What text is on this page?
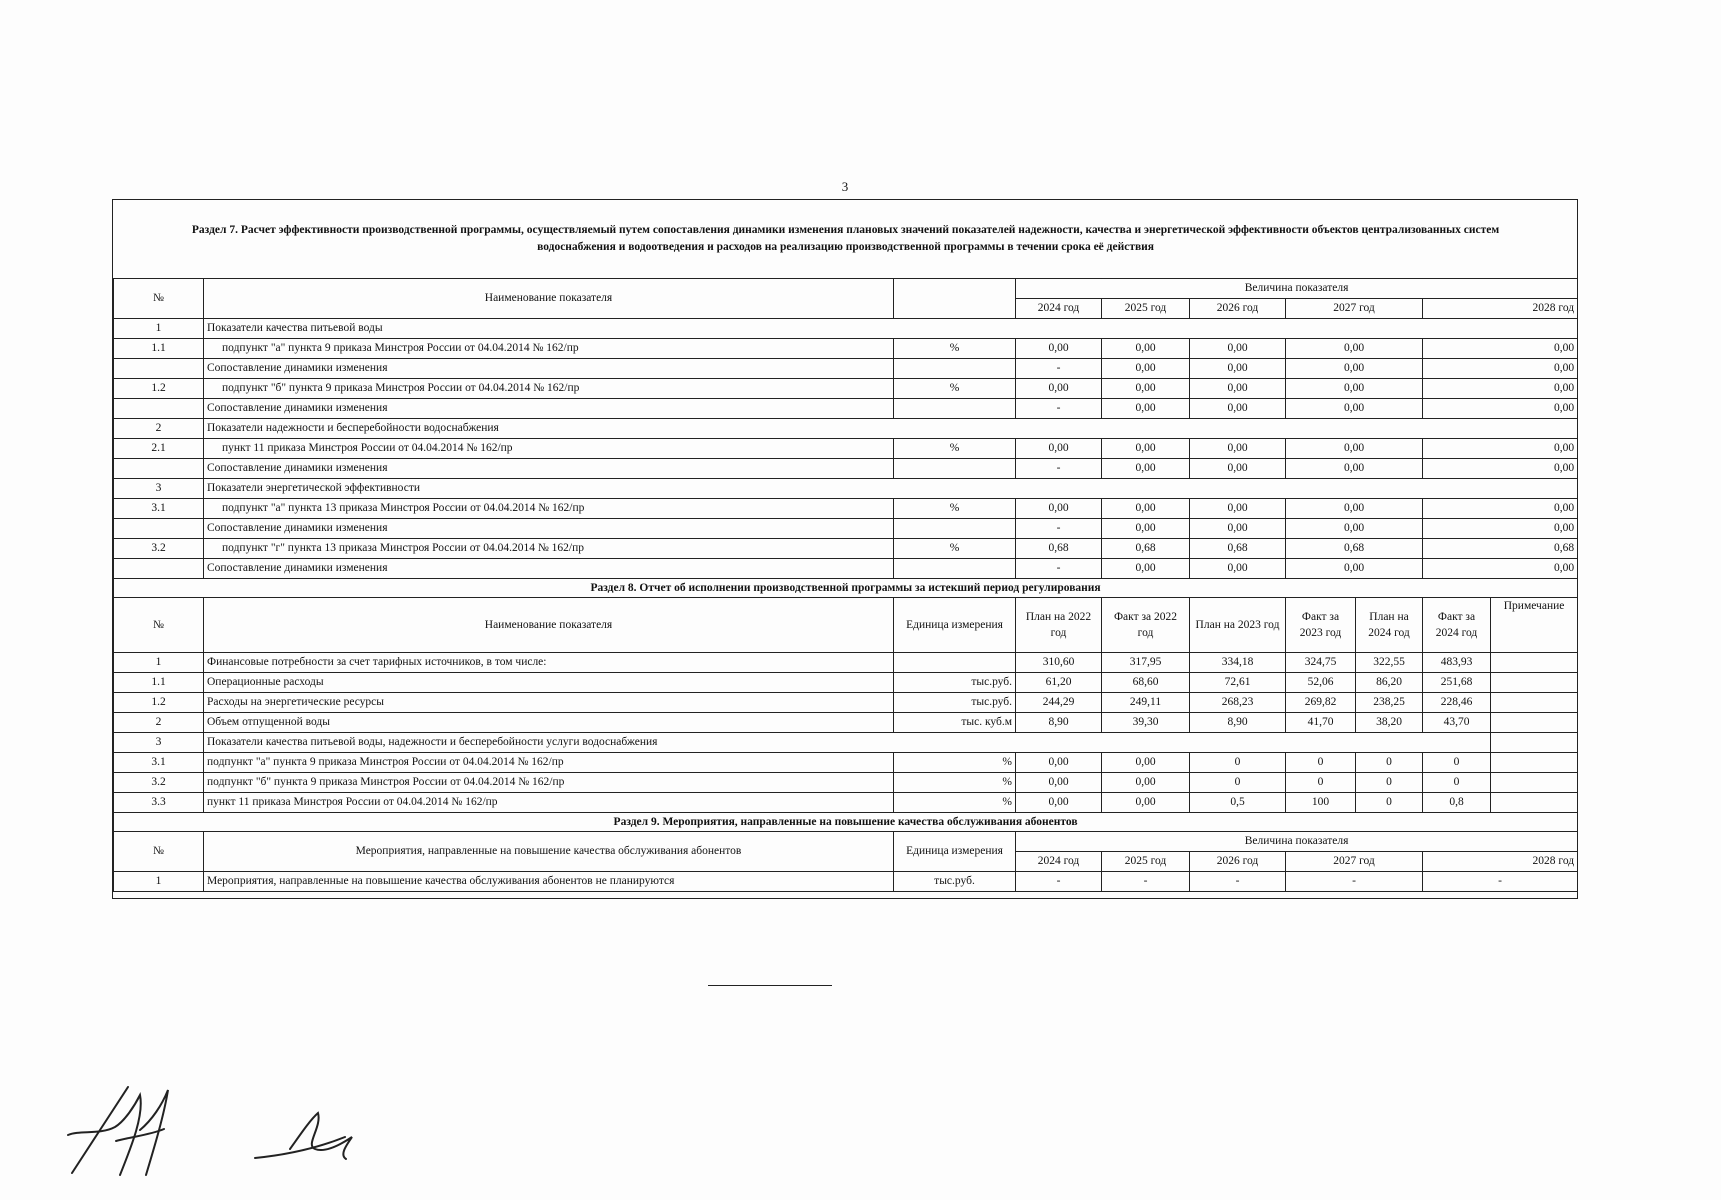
3
Раздел 7. Расчет эффективности производственной программы, осуществляемый путем сопоставления динамики изменения плановых значений показателей надежности, качества и энергетической эффективности объектов централизованных систем водоснабжения и водоотведения и расходов на реализацию производственной программы в течении срока её действия									
№	Наименование показателя		Величина показателя						
			2024 год	2025 год	2026 год	2027 год		2028 год	
1	Показатели качества питьевой воды								
1.1	подпункт "а" пункта 9 приказа Минстроя России от 04.04.2014 № 162/пр	%	0,00	0,00	0,00	0,00		0,00	
	Сопоставление динамики изменения		-	0,00	0,00	0,00		0,00	
1.2	подпункт "б" пункта 9 приказа Минстроя России от 04.04.2014 № 162/пр	%	0,00	0,00	0,00	0,00		0,00	
	Сопоставление динамики изменения		-	0,00	0,00	0,00		0,00	
2	Показатели надежности и бесперебойности водоснабжения								
2.1	пункт 11 приказа Минстроя России от 04.04.2014 № 162/пр	%	0,00	0,00	0,00	0,00		0,00	
	Сопоставление динамики изменения		-	0,00	0,00	0,00		0,00	
3	Показатели энергетической эффективности								
3.1	подпункт "а" пункта 13 приказа Минстроя России от 04.04.2014 № 162/пр	%	0,00	0,00	0,00	0,00		0,00	
	Сопоставление динамики изменения		-	0,00	0,00	0,00		0,00	
3.2	подпункт "г" пункта 13 приказа Минстроя России от 04.04.2014 № 162/пр	%	0,68	0,68	0,68	0,68		0,68	
	Сопоставление динамики изменения		-	0,00	0,00	0,00		0,00	
Раздел 8. Отчет об исполнении производственной программы за истекший период регулирования									
№	Наименование показателя	Единица измерения	План на 2022 год	Факт за 2022 год	План на 2023 год	Факт за 2023 год	План на 2024 год	Факт за 2024 год	Примечание
1	Финансовые потребности за счет тарифных источников, в том числе:		310,60	317,95	334,18	324,75	322,55	483,93	
1.1	Операционные расходы	тыс.руб.	61,20	68,60	72,61	52,06	86,20	251,68	
1.2	Расходы на энергетические ресурсы	тыс.руб.	244,29	249,11	268,23	269,82	238,25	228,46	
2	Объем отпущенной воды	тыс. куб.м	8,90	39,30	8,90	41,70	38,20	43,70	
3	Показатели качества питьевой воды, надежности и бесперебойности услуги водоснабжения								
3.1	подпункт "а" пункта 9 приказа Минстроя России от 04.04.2014 № 162/пр	%	0,00	0,00	0	0	0	0	
3.2	подпункт "б" пункта 9 приказа Минстроя России от 04.04.2014 № 162/пр	%	0,00	0,00	0	0	0	0	
3.3	пункт 11 приказа Минстроя России от 04.04.2014 № 162/пр	%	0,00	0,00	0,5	100	0	0,8	
Раздел 9. Мероприятия, направленные на повышение качества обслуживания абонентов									
№	Мероприятия, направленные на повышение качества обслуживания абонентов	Единица измерения	Величина показателя						
			2024 год	2025 год	2026 год	2027 год		2028 год	
1	Мероприятия, направленные на повышение качества обслуживания абонентов не планируются	тыс.руб.	-	-	-	-		-	
